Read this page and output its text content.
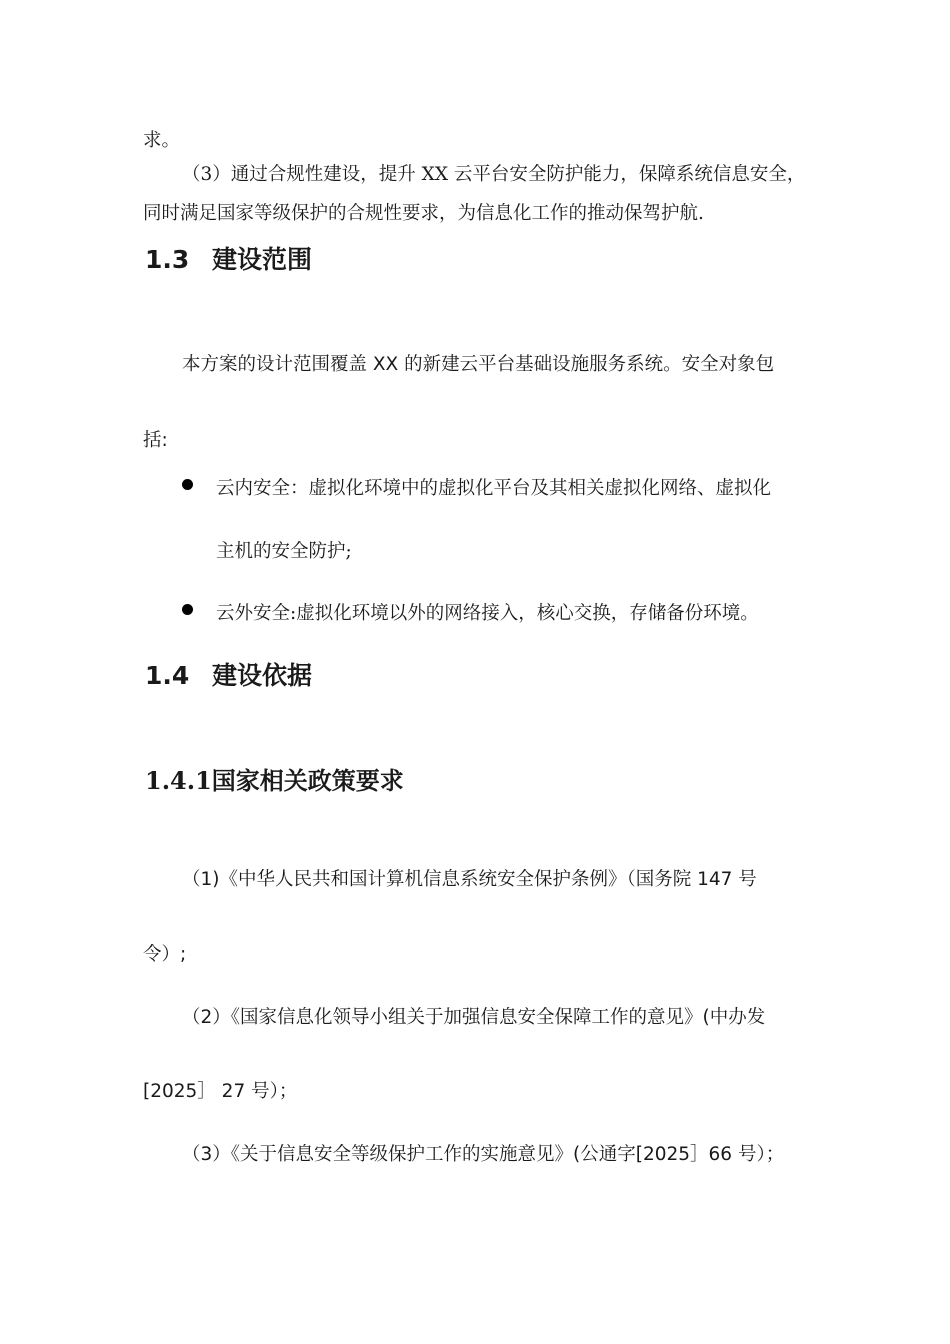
求。
（3）通过合规性建设，提升 XX 云平台安全防护能力，保障系统信息安全，
同时满足国家等级保护的合规性要求，为信息化工作的推动保驾护航.
1.3 建设范围
本方案的设计范围覆盖 XX 的新建云平台基础设施服务系统。安全对象包
括:
云内安全：虚拟化环境中的虚拟化平台及其相关虚拟化网络、虚拟化
主机的安全防护;
云外安全:虚拟化环境以外的网络接入，核心交换，存储备份环境。
1.4 建设依据
1.4.1国家相关政策要求
（1)《中华人民共和国计算机信息系统安全保护条例》（国务院 147 号
令）;
（2）《国家信息化领导小组关于加强信息安全保障工作的意见》(中办发
[2025］ 27 号）；
（3）《关于信息安全等级保护工作的实施意见》(公通字[2025］66 号）；
